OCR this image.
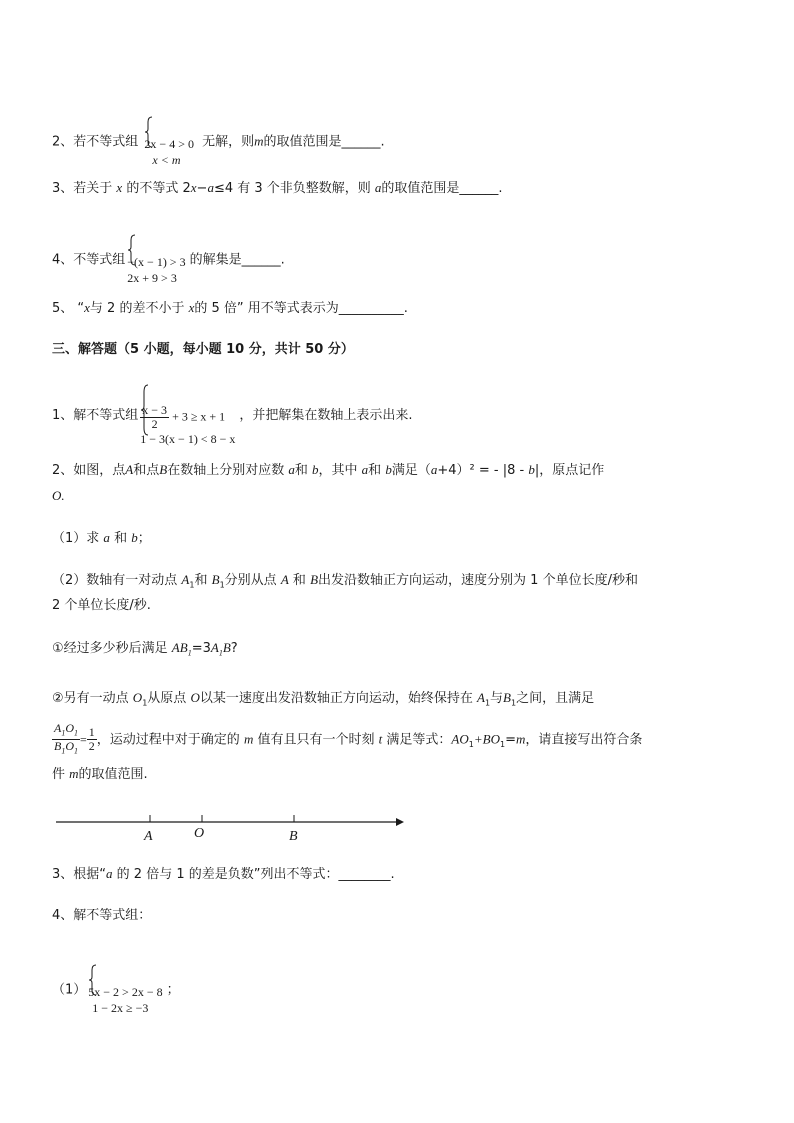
2、若不等式组 2x − 4 > 0
x < m
无解，则m的取值范围是______.
3、若关于 x 的不等式 2x−a≤4 有 3 个非负整数解，则 a的取值范围是______.
4、不等式组 −(x − 1) > 3
2x + 9 > 3
的解集是______.
5、 “x与 2 的差不小于 x的 5 倍” 用不等式表示为__________.
三、解答题（5 小题，每小题 10 分，共计 50 分）
1、解不等式组 $\frac{x - 3}{2} + 3 \ge x + 1$
1 − 3(x − 1) < 8 − x
，并把解集在数轴上表示出来.
2、如图，点A和点B在数轴上分别对应数 a和 b，其中 a和 b满足（a+4）² = - |8 - b|，原点记作
O.
（1）求 a 和 b；
（2）数轴有一对动点 $A_1$和 $B_1$分别从点 A 和 B出发沿数轴正方向运动，速度分别为 1 个单位长度/秒和
2 个单位长度/秒.
①经过多少秒后满足 $AB_1=3A_1B$?
②另有一动点 $O_1$从原点 O以某一速度出发沿数轴正方向运动，始终保持在 $A_1$与$B_1$之间，且满足
$\frac{A_1O_1}{B_1O_1} = \frac{1}{2}$ ，运动过程中对于确定的 m 值有且只有一个时刻 t 满足等式：$AO_1+BO_1=m$，请直接写出符合条
件 m的取值范围.
A	O	B
3、根据“a 的 2 倍与 1 的差是负数”列出不等式：________.
4、解不等式组：
（1） 5x − 2 > 2x − 8
1 − 2x ≥ −3
；
